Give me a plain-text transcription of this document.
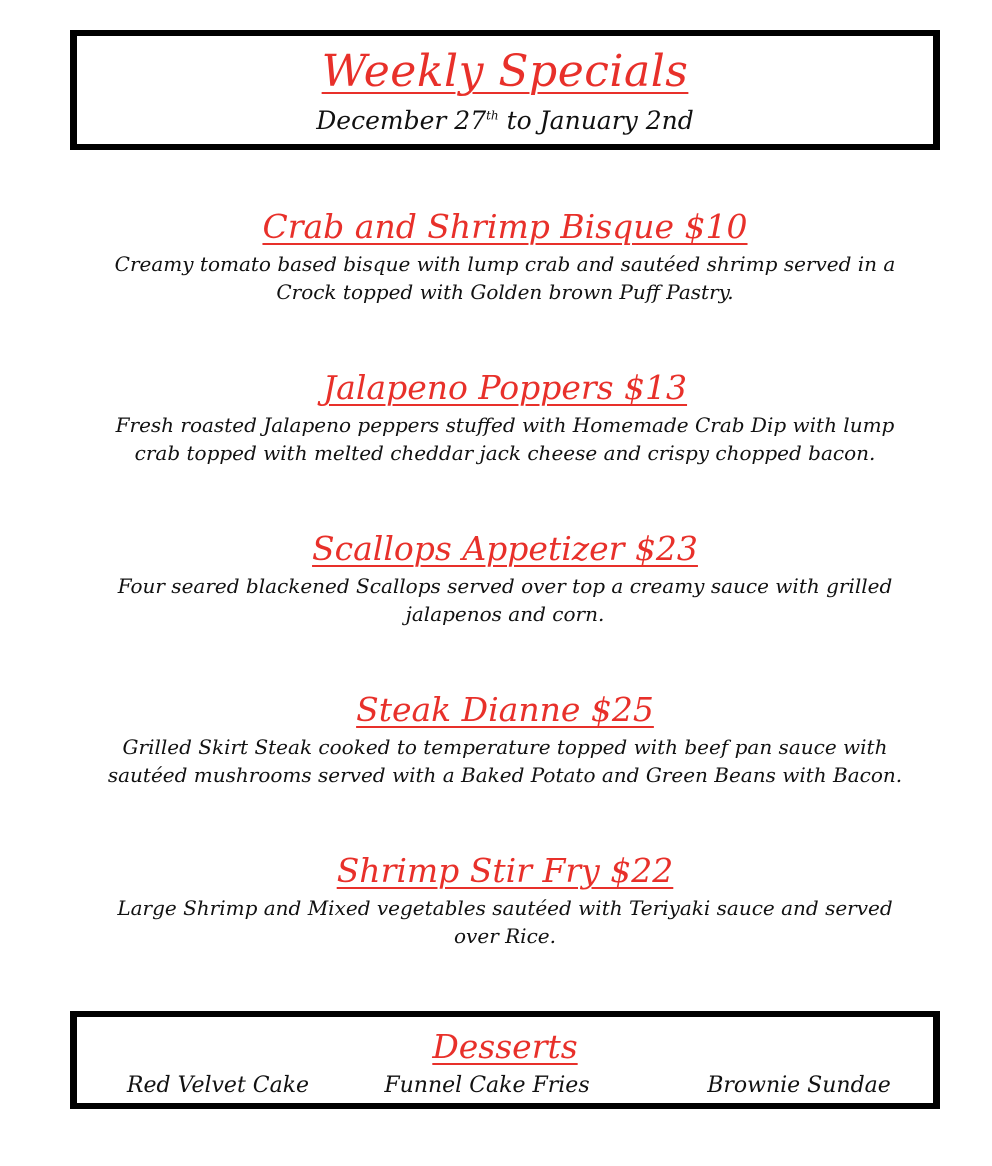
Weekly Specials
December 27th to January 2nd
Crab and Shrimp Bisque $10

Creamy tomato based bisque with lump crab and sautéed shrimp served in a
Crock topped with Golden brown Puff Pastry.

Jalapeno Poppers $13

Fresh roasted Jalapeno peppers stuffed with Homemade Crab Dip with lump
crab topped with melted cheddar jack cheese and crispy chopped bacon.

Scallops Appetizer $23

Four seared blackened Scallops served over top a creamy sauce with grilled
jalapenos and corn.

Steak Dianne $25

Grilled Skirt Steak cooked to temperature topped with beef pan sauce with
sautéed mushrooms served with a Baked Potato and Green Beans with Bacon.

Shrimp Stir Fry $22

Large Shrimp and Mixed vegetables sautéed with Teriyaki sauce and served
over Rice.

Desserts
Red Velvet Cake	Funnel Cake Fries	Brownie Sundae
